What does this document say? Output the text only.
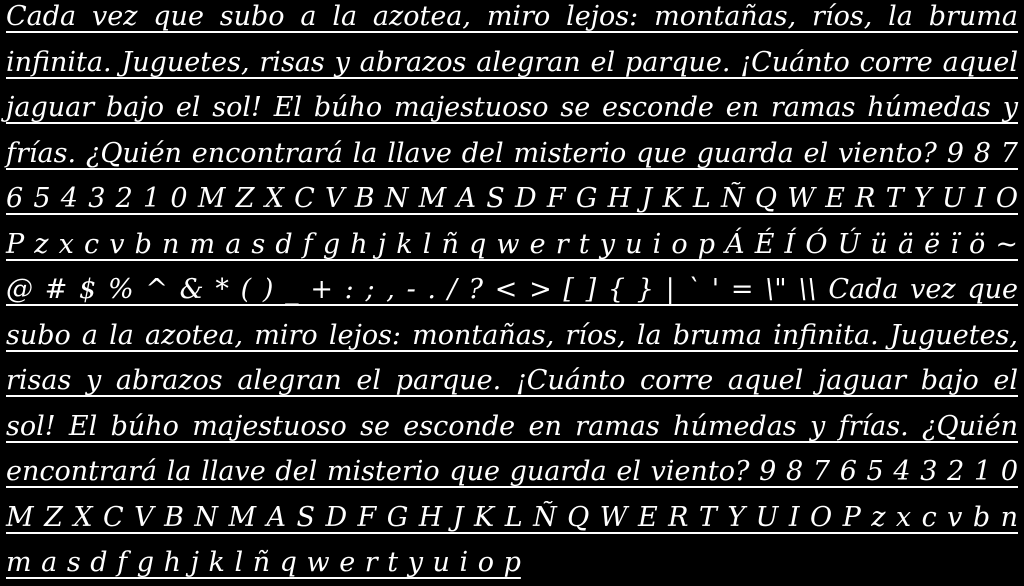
Cada vez que subo a la azotea, miro lejos: montañas, ríos, la bruma infinita. Juguetes, risas y abrazos alegran el parque. ¡Cuánto corre aquel jaguar bajo el sol! El búho majestuoso se esconde en ramas húmedas y frías. ¿Quién encontrará la llave del misterio que guarda el viento? 9 8 7 6 5 4 3 2 1 0 M Z X C V B N M A S D F G H J K L Ñ Q W E R T Y U I O P z x c v b n m a s d f g h j k l ñ q w e r t y u i o p Á É Í Ó Ú ü ä ë ï ö ~ @ # $ % ^ & * ( ) _ + : ; , - . / ? < > [ ] { } | ` ' = \" \\ Cada vez que subo a la azotea, miro lejos: montañas, ríos, la bruma infinita. Juguetes, risas y abrazos alegran el parque. ¡Cuánto corre aquel jaguar bajo el sol! El búho majestuoso se esconde en ramas húmedas y frías. ¿Quién encontrará la llave del misterio que guarda el viento? 9 8 7 6 5 4 3 2 1 0 M Z X C V B N M A S D F G H J K L Ñ Q W E R T Y U I O P z x c v b n m a s d f g h j k l ñ q w e r t y u i o p
